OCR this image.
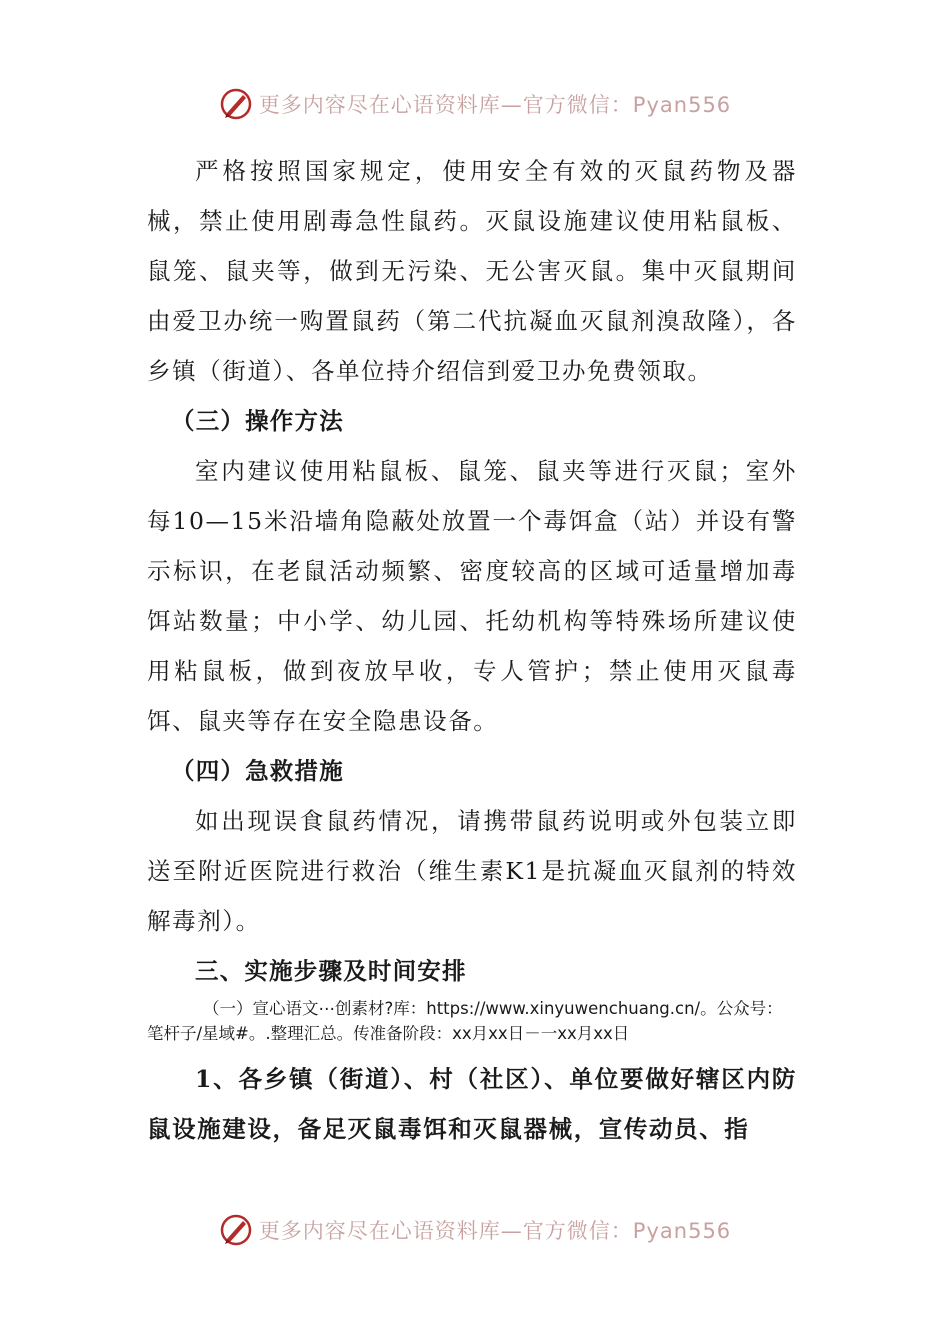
更多内容尽在心语资料库—官方微信：Pyan556

严格按照国家规定，使用安全有效的灭鼠药物及器械，禁止使用剧毒急性鼠药。灭鼠设施建议使用粘鼠板、鼠笼、鼠夹等，做到无污染、无公害灭鼠。集中灭鼠期间由爱卫办统一购置鼠药（第二代抗凝血灭鼠剂溴敌隆），各乡镇（街道）、各单位持介绍信到爱卫办免费领取。

（三）操作方法

室内建议使用粘鼠板、鼠笼、鼠夹等进行灭鼠；室外每10—15米沿墙角隐蔽处放置一个毒饵盒（站）并设有警示标识，在老鼠活动频繁、密度较高的区域可适量增加毒饵站数量；中小学、幼儿园、托幼机构等特殊场所建议使用粘鼠板，做到夜放早收，专人管护；禁止使用灭鼠毒饵、鼠夹等存在安全隐患设备。

（四）急救措施

如出现误食鼠药情况，请携带鼠药说明或外包装立即送至附近医院进行救治（维生素K1是抗凝血灭鼠剂的特效解毒剂）。

三、实施步骤及时间安排

（一）宣心语文⋯创素材?库：https://www.xinyuwenchuang.cn/。公众号：
笔杆子/星域#。.整理汇总。传准备阶段：xx月xx日－一xx月xx日

1、各乡镇（街道）、村（社区）、单位要做好辖区内防鼠设施建设，备足灭鼠毒饵和灭鼠器械，宣传动员、指

更多内容尽在心语资料库—官方微信：Pyan556
